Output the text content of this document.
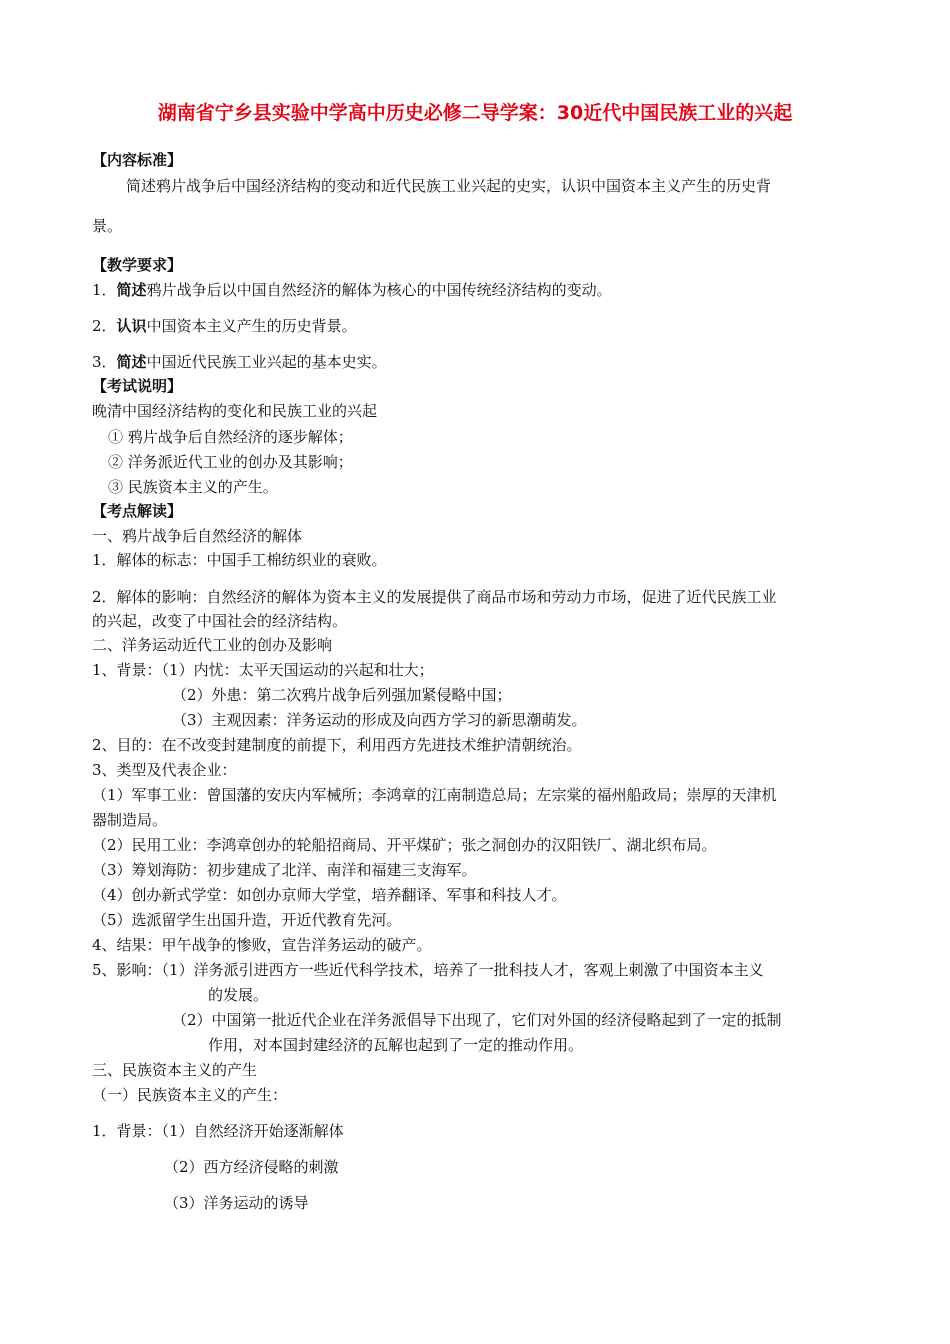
湖南省宁乡县实验中学高中历史必修二导学案：30近代中国民族工业的兴起
【内容标准】
简述鸦片战争后中国经济结构的变动和近代民族工业兴起的史实，认识中国资本主义产生的历史背
景。
【教学要求】
1．简述鸦片战争后以中国自然经济的解体为核心的中国传统经济结构的变动。
2．认识中国资本主义产生的历史背景。
3．简述中国近代民族工业兴起的基本史实。
【考试说明】
晚清中国经济结构的变化和民族工业的兴起
① 鸦片战争后自然经济的逐步解体；
② 洋务派近代工业的创办及其影响；
③ 民族资本主义的产生。
【考点解读】
一、鸦片战争后自然经济的解体
1．解体的标志：中国手工棉纺织业的衰败。
2．解体的影响：自然经济的解体为资本主义的发展提供了商品市场和劳动力市场，促进了近代民族工业
的兴起，改变了中国社会的经济结构。
二、洋务运动近代工业的创办及影响
1、背景：（1）内忧：太平天国运动的兴起和壮大；
（2）外患：第二次鸦片战争后列强加紧侵略中国；
（3）主观因素：洋务运动的形成及向西方学习的新思潮萌发。
2、目的：在不改变封建制度的前提下，利用西方先进技术维护清朝统治。
3、类型及代表企业：
（1）军事工业：曾国藩的安庆内军械所；李鸿章的江南制造总局；左宗棠的福州船政局；崇厚的天津机
器制造局。
（2）民用工业：李鸿章创办的轮船招商局、开平煤矿；张之洞创办的汉阳铁厂、湖北织布局。
（3）筹划海防：初步建成了北洋、南洋和福建三支海军。
（4）创办新式学堂：如创办京师大学堂，培养翻译、军事和科技人才。
（5）选派留学生出国升造，开近代教育先河。
4、结果：甲午战争的惨败，宣告洋务运动的破产。
5、影响：（1）洋务派引进西方一些近代科学技术，培养了一批科技人才，客观上刺激了中国资本主义
的发展。
（2）中国第一批近代企业在洋务派倡导下出现了，它们对外国的经济侵略起到了一定的抵制
作用，对本国封建经济的瓦解也起到了一定的推动作用。
三、民族资本主义的产生
（一）民族资本主义的产生：
1．背景：（1）自然经济开始逐渐解体
（2）西方经济侵略的刺激
（3）洋务运动的诱导
